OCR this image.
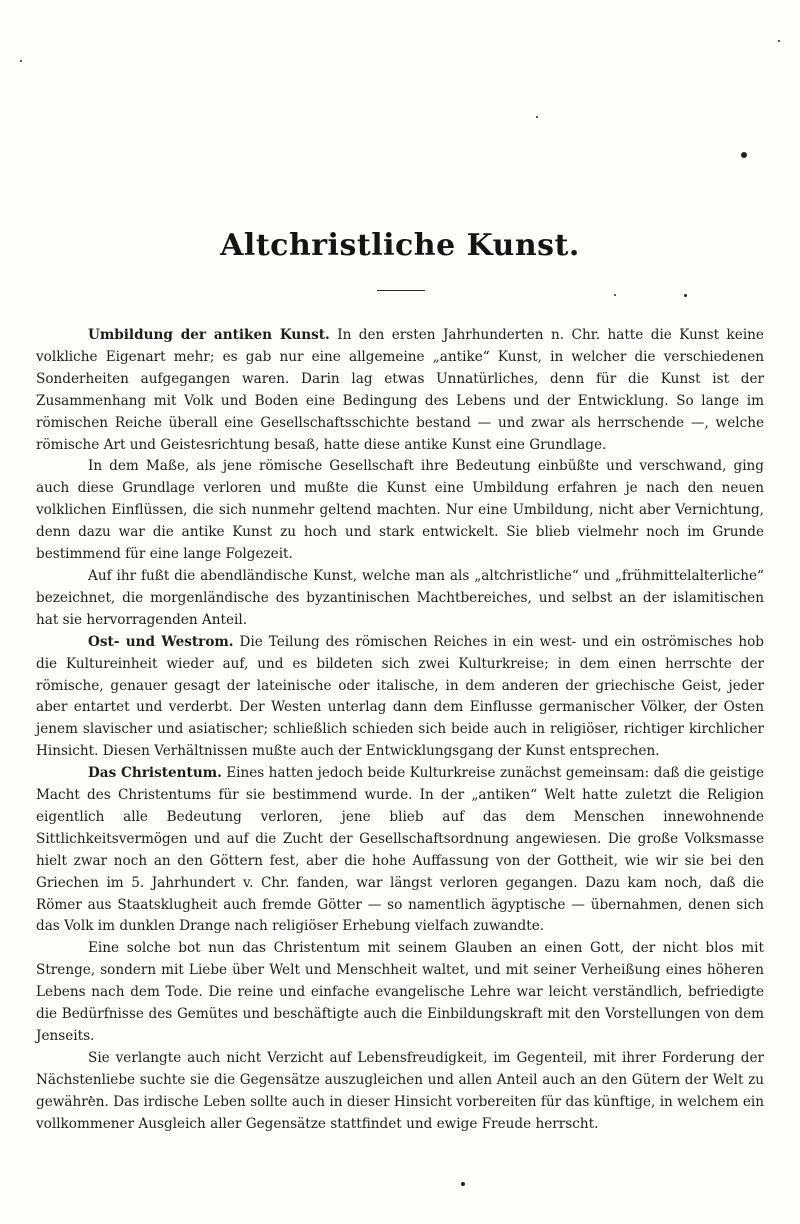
Altchristliche Kunst.

Umbildung der antiken Kunst. In den ersten Jahrhunderten n. Chr. hatte die Kunst keine volkliche Eigenart mehr; es gab nur eine allgemeine „antike“ Kunst, in welcher die verschiedenen Sonderheiten aufgegangen waren. Darin lag etwas Unnatürliches, denn für die Kunst ist der Zusammenhang mit Volk und Boden eine Bedingung des Lebens und der Entwicklung. So lange im römischen Reiche überall eine Gesellschaftsschichte bestand — und zwar als herrschende —, welche römische Art und Geistesrichtung besaß, hatte diese antike Kunst eine Grundlage.

In dem Maße, als jene römische Gesellschaft ihre Bedeutung einbüßte und verschwand, ging auch diese Grundlage verloren und mußte die Kunst eine Umbildung erfahren je nach den neuen volklichen Einflüssen, die sich nunmehr geltend machten. Nur eine Umbildung, nicht aber Vernichtung, denn dazu war die antike Kunst zu hoch und stark entwickelt. Sie blieb vielmehr noch im Grunde bestimmend für eine lange Folgezeit.

Auf ihr fußt die abendländische Kunst, welche man als „altchristliche“ und „frühmittelalterliche“ bezeichnet, die morgenländische des byzantinischen Machtbereiches, und selbst an der islamitischen hat sie hervorragenden Anteil.

Ost- und Westrom. Die Teilung des römischen Reiches in ein west- und ein oströmisches hob die Kultureinheit wieder auf, und es bildeten sich zwei Kulturkreise; in dem einen herrschte der römische, genauer gesagt der lateinische oder italische, in dem anderen der griechische Geist, jeder aber entartet und verderbt. Der Westen unterlag dann dem Einflusse germanischer Völker, der Osten jenem slavischer und asiatischer; schließlich schieden sich beide auch in religiöser, richtiger kirchlicher Hinsicht. Diesen Verhältnissen mußte auch der Entwicklungsgang der Kunst entsprechen.

Das Christentum. Eines hatten jedoch beide Kulturkreise zunächst gemeinsam: daß die geistige Macht des Christentums für sie bestimmend wurde. In der „antiken“ Welt hatte zuletzt die Religion eigentlich alle Bedeutung verloren, jene blieb auf das dem Menschen innewohnende Sittlichkeitsvermögen und auf die Zucht der Gesellschaftsordnung angewiesen. Die große Volksmasse hielt zwar noch an den Göttern fest, aber die hohe Auffassung von der Gottheit, wie wir sie bei den Griechen im 5. Jahrhundert v. Chr. fanden, war längst verloren gegangen. Dazu kam noch, daß die Römer aus Staatsklugheit auch fremde Götter — so namentlich ägyptische — übernahmen, denen sich das Volk im dunklen Drange nach religiöser Erhebung vielfach zuwandte.

Eine solche bot nun das Christentum mit seinem Glauben an einen Gott, der nicht blos mit Strenge, sondern mit Liebe über Welt und Menschheit waltet, und mit seiner Verheißung eines höheren Lebens nach dem Tode. Die reine und einfache evangelische Lehre war leicht verständlich, befriedigte die Bedürfnisse des Gemütes und beschäftigte auch die Einbildungskraft mit den Vorstellungen von dem Jenseits.

Sie verlangte auch nicht Verzicht auf Lebensfreudigkeit, im Gegenteil, mit ihrer Forderung der Nächstenliebe suchte sie die Gegensätze auszugleichen und allen Anteil auch an den Gütern der Welt zu gewähren. Das irdische Leben sollte auch in dieser Hinsicht vorbereiten für das künftige, in welchem ein vollkommener Ausgleich aller Gegensätze stattfindet und ewige Freude herrscht.
